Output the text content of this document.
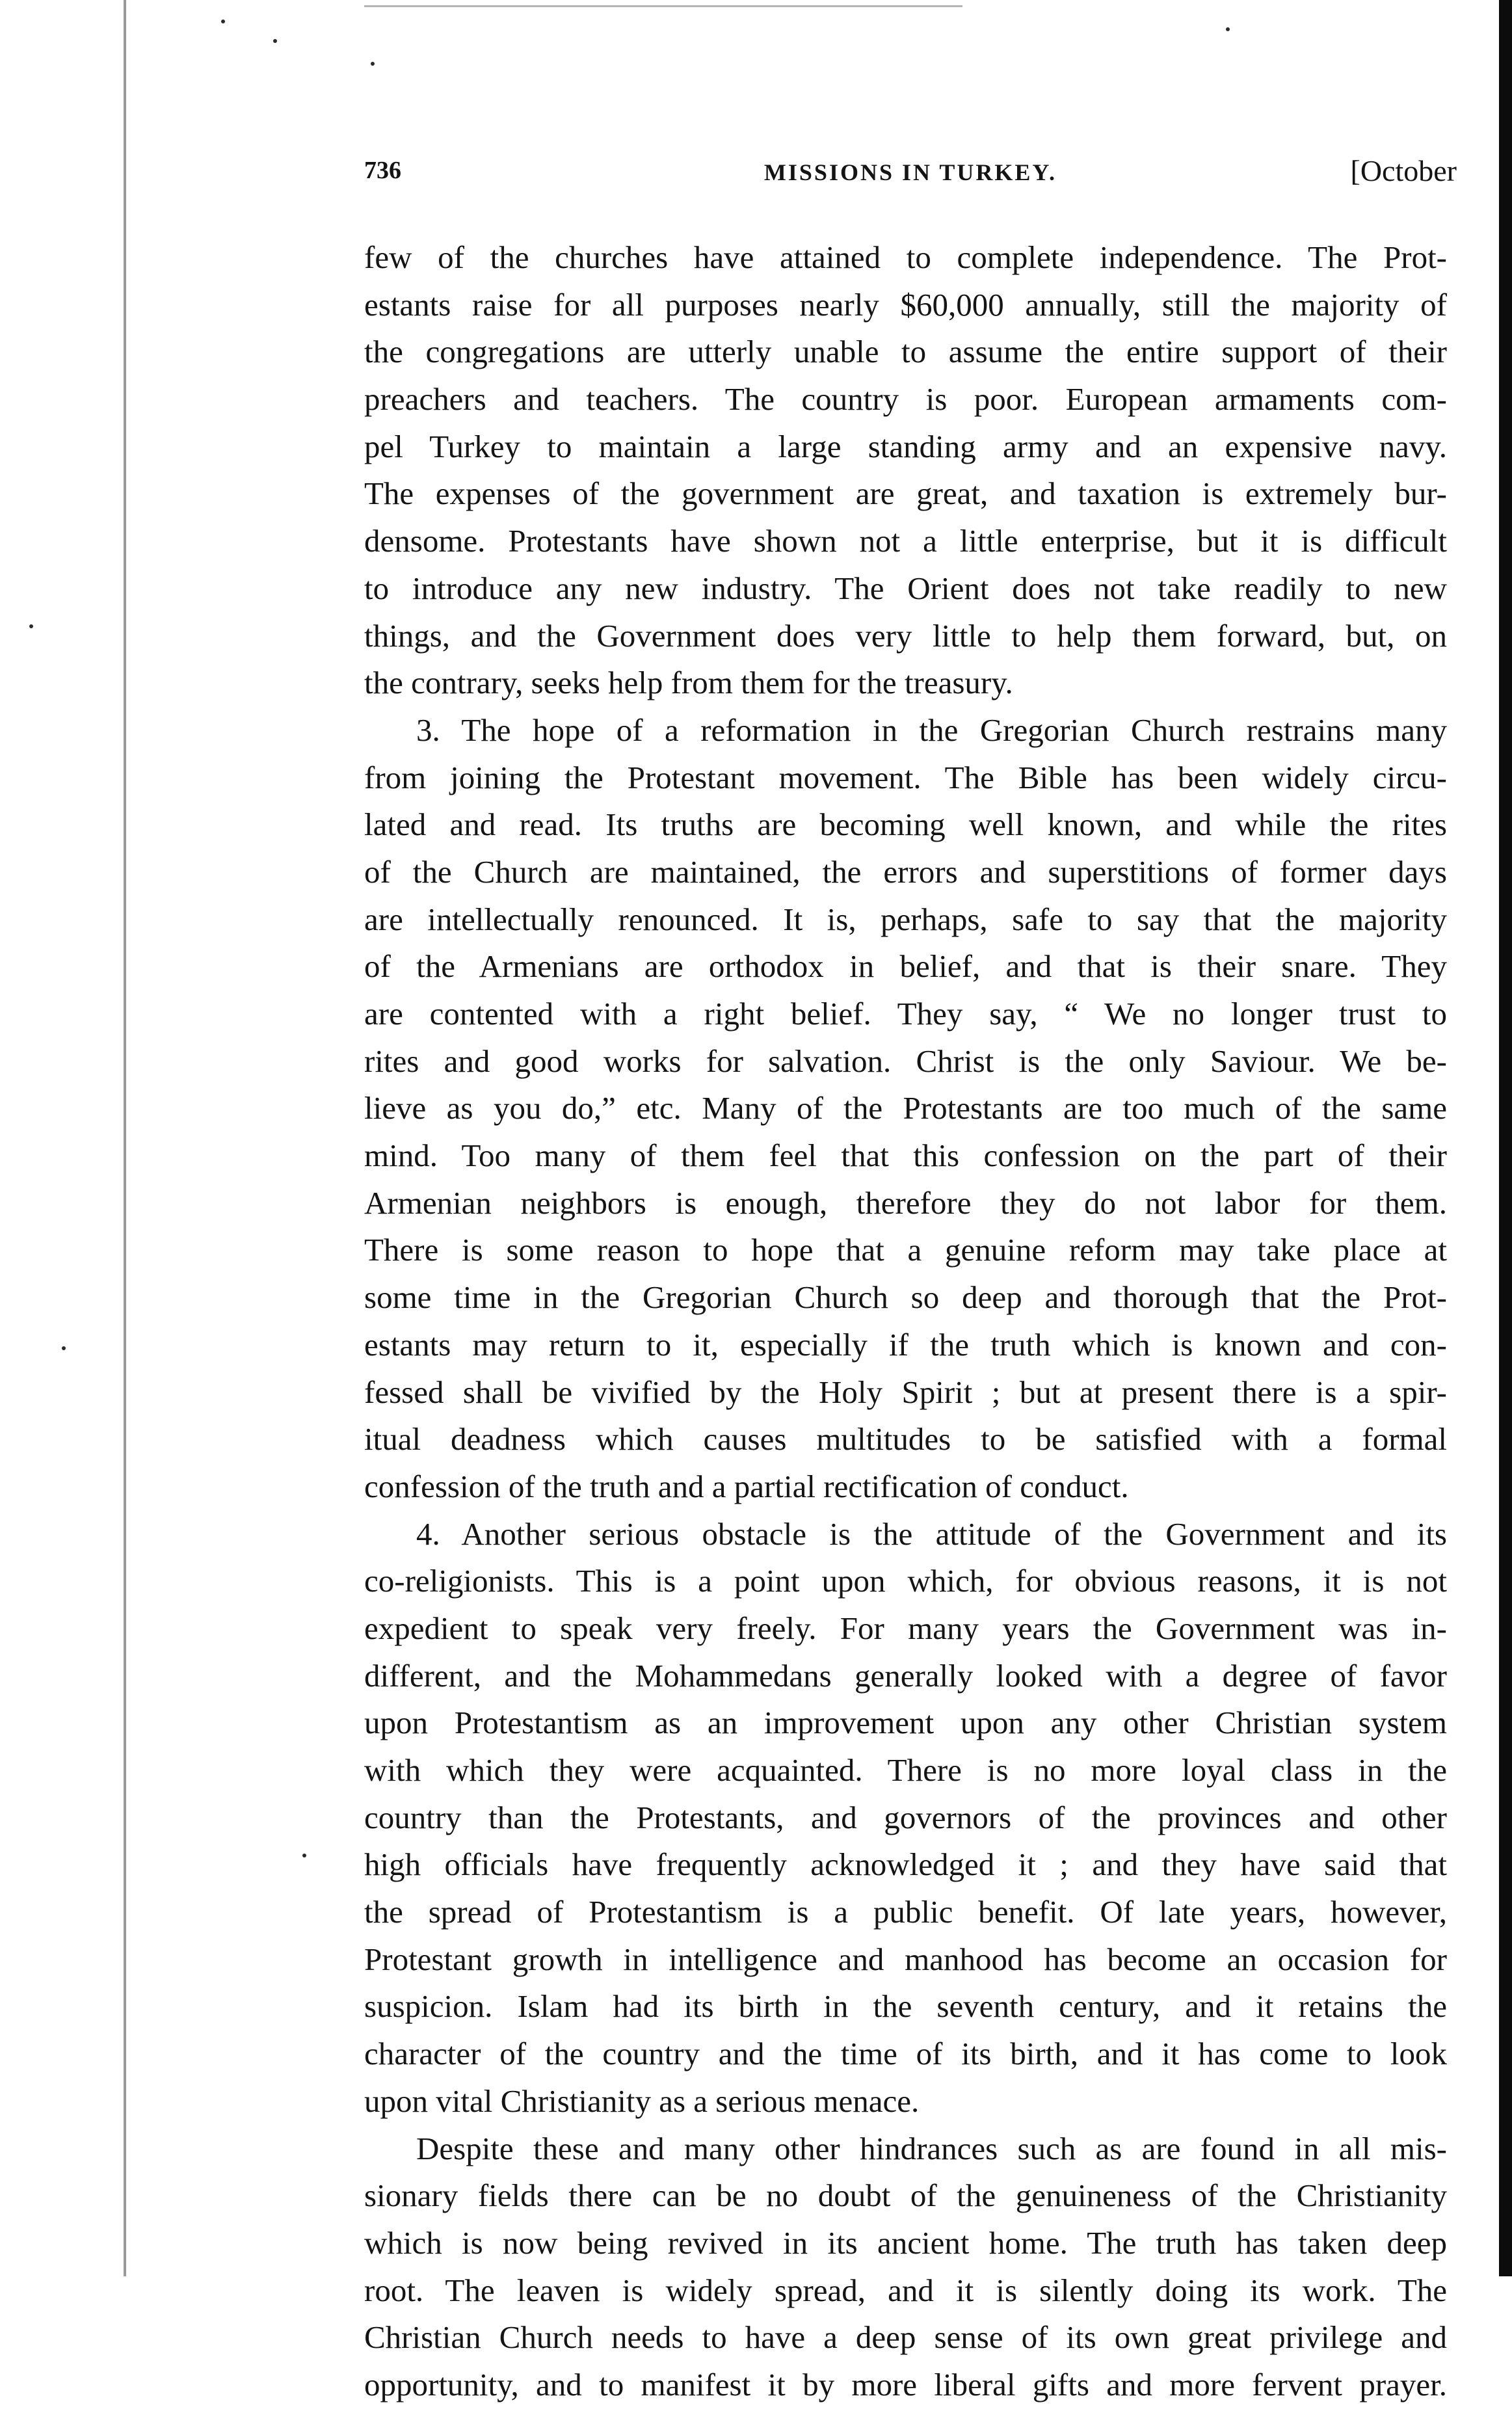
736	MISSIONS IN TURKEY.	[October
few of the churches have attained to complete independence. The Prot-
estants raise for all purposes nearly $60,000 annually, still the majority of
the congregations are utterly unable to assume the entire support of their
preachers and teachers. The country is poor. European armaments com-
pel Turkey to maintain a large standing army and an expensive navy.
The expenses of the government are great, and taxation is extremely bur-
densome. Protestants have shown not a little enterprise, but it is difficult
to introduce any new industry. The Orient does not take readily to new
things, and the Government does very little to help them forward, but, on
the contrary, seeks help from them for the treasury.
3. The hope of a reformation in the Gregorian Church restrains many
from joining the Protestant movement. The Bible has been widely circu-
lated and read. Its truths are becoming well known, and while the rites
of the Church are maintained, the errors and superstitions of former days
are intellectually renounced. It is, perhaps, safe to say that the majority
of the Armenians are orthodox in belief, and that is their snare. They
are contented with a right belief. They say, “ We no longer trust to
rites and good works for salvation. Christ is the only Saviour. We be-
lieve as you do,” etc. Many of the Protestants are too much of the same
mind. Too many of them feel that this confession on the part of their
Armenian neighbors is enough, therefore they do not labor for them.
There is some reason to hope that a genuine reform may take place at
some time in the Gregorian Church so deep and thorough that the Prot-
estants may return to it, especially if the truth which is known and con-
fessed shall be vivified by the Holy Spirit ; but at present there is a spir-
itual deadness which causes multitudes to be satisfied with a formal
confession of the truth and a partial rectification of conduct.
4. Another serious obstacle is the attitude of the Government and its
co-religionists. This is a point upon which, for obvious reasons, it is not
expedient to speak very freely. For many years the Government was in-
different, and the Mohammedans generally looked with a degree of favor
upon Protestantism as an improvement upon any other Christian system
with which they were acquainted. There is no more loyal class in the
country than the Protestants, and governors of the provinces and other
high officials have frequently acknowledged it ; and they have said that
the spread of Protestantism is a public benefit. Of late years, however,
Protestant growth in intelligence and manhood has become an occasion for
suspicion. Islam had its birth in the seventh century, and it retains the
character of the country and the time of its birth, and it has come to look
upon vital Christianity as a serious menace.
Despite these and many other hindrances such as are found in all mis-
sionary fields there can be no doubt of the genuineness of the Christianity
which is now being revived in its ancient home. The truth has taken deep
root. The leaven is widely spread, and it is silently doing its work. The
Christian Church needs to have a deep sense of its own great privilege and
opportunity, and to manifest it by more liberal gifts and more fervent prayer.
